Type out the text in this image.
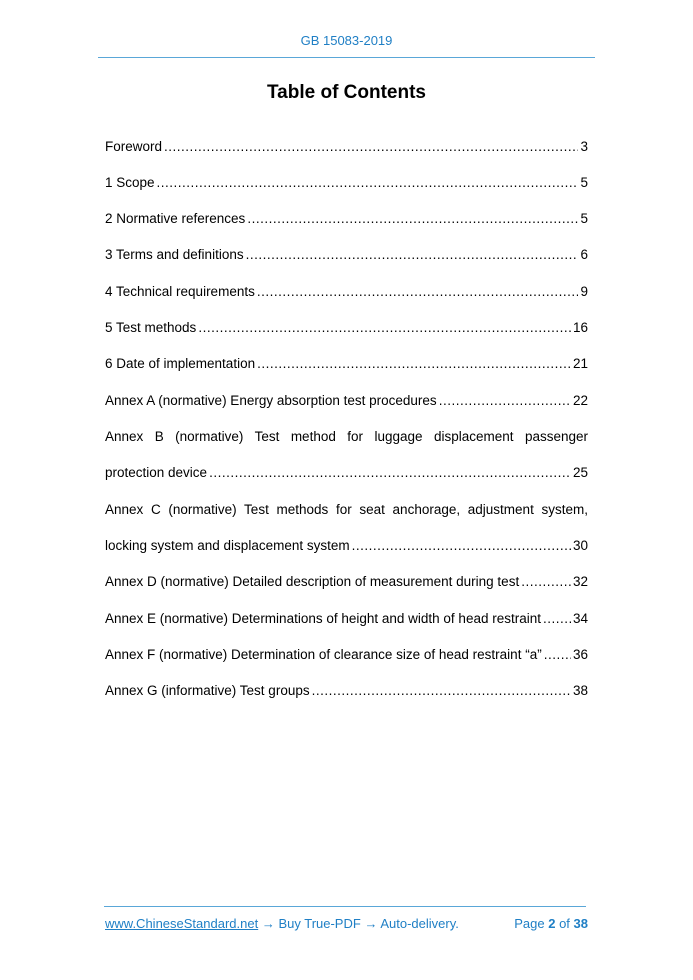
GB 15083-2019
Table of Contents
Foreword .....	3
1 Scope .....	5
2 Normative references .....	5
3 Terms and definitions .....	6
4 Technical requirements .....	9
5 Test methods .....	16
6 Date of implementation .....	21
Annex A (normative) Energy absorption test procedures .....	22
Annex B (normative) Test method for luggage displacement passenger
protection device .....	25
Annex C (normative) Test methods for seat anchorage, adjustment system,
locking system and displacement system .....	30
Annex D (normative) Detailed description of measurement during test .....	32
Annex E (normative) Determinations of height and width of head restraint ..... 34
Annex F (normative) Determination of clearance size of head restraint “a” ..... 36
Annex G (informative) Test groups .....	38
www.ChineseStandard.net → Buy True-PDF → Auto-delivery.	Page 2 of 38
